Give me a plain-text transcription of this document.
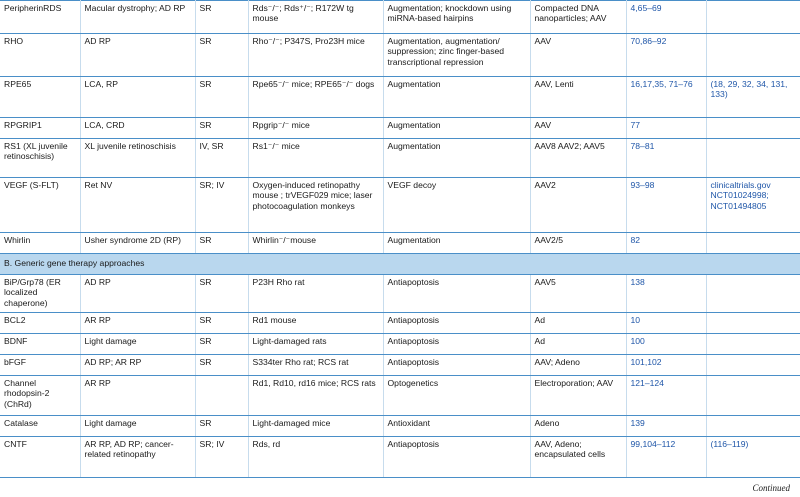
PeripherinRDS	Macular dystrophy; AD RP	SR	Rds⁻/⁻; Rds⁺/⁻; R172W tg mouse	Augmentation; knockdown using miRNA-based hairpins	Compacted DNA nanoparticles; AAV	4,65–69	
RHO	AD RP	SR	Rho⁻/⁻; P347S, Pro23H mice	Augmentation, augmentation/ suppression; zinc finger-based transcriptional repression	AAV	70,86–92	
RPE65	LCA, RP	SR	Rpe65⁻/⁻ mice; RPE65⁻/⁻ dogs	Augmentation	AAV, Lenti	16,17,35, 71–76	(18, 29, 32, 34, 131, 133)
RPGRIP1	LCA, CRD	SR	Rpgrip⁻/⁻ mice	Augmentation	AAV	77	
RS1 (XL juvenile retinoschisis)	XL juvenile retinoschisis	IV, SR	Rs1⁻/⁻ mice	Augmentation	AAV8 AAV2; AAV5	78–81	
VEGF (S-FLT)	Ret NV	SR; IV	Oxygen-induced retinopathy mouse ; trVEGF029 mice; laser photocoagulation monkeys	VEGF decoy	AAV2	93–98	clinicaltrials.gov NCT01024998; NCT01494805
Whirlin	Usher syndrome 2D (RP)	SR	Whirlin⁻/⁻mouse	Augmentation	AAV2/5	82	
B. Generic gene therapy approaches							
BiP/Grp78 (ER localized chaperone)	AD RP	SR	P23H Rho rat	Antiapoptosis	AAV5	138	
BCL2	AR RP	SR	Rd1 mouse	Antiapoptosis	Ad	10	
BDNF	Light damage	SR	Light-damaged rats	Antiapoptosis	Ad	100	
bFGF	AD RP; AR RP	SR	S334ter Rho rat; RCS rat	Antiapoptosis	AAV; Adeno	101,102	
Channel rhodopsin-2 (ChRd)	AR RP		Rd1, Rd10, rd16 mice; RCS rats	Optogenetics	Electroporation; AAV	121–124	
Catalase	Light damage	SR	Light-damaged mice	Antioxidant	Adeno	139	
CNTF	AR RP, AD RP; cancer-related retinopathy	SR; IV	Rds, rd	Antiapoptosis	AAV, Adeno; encapsulated cells	99,104–112	(116–119)
Continued
